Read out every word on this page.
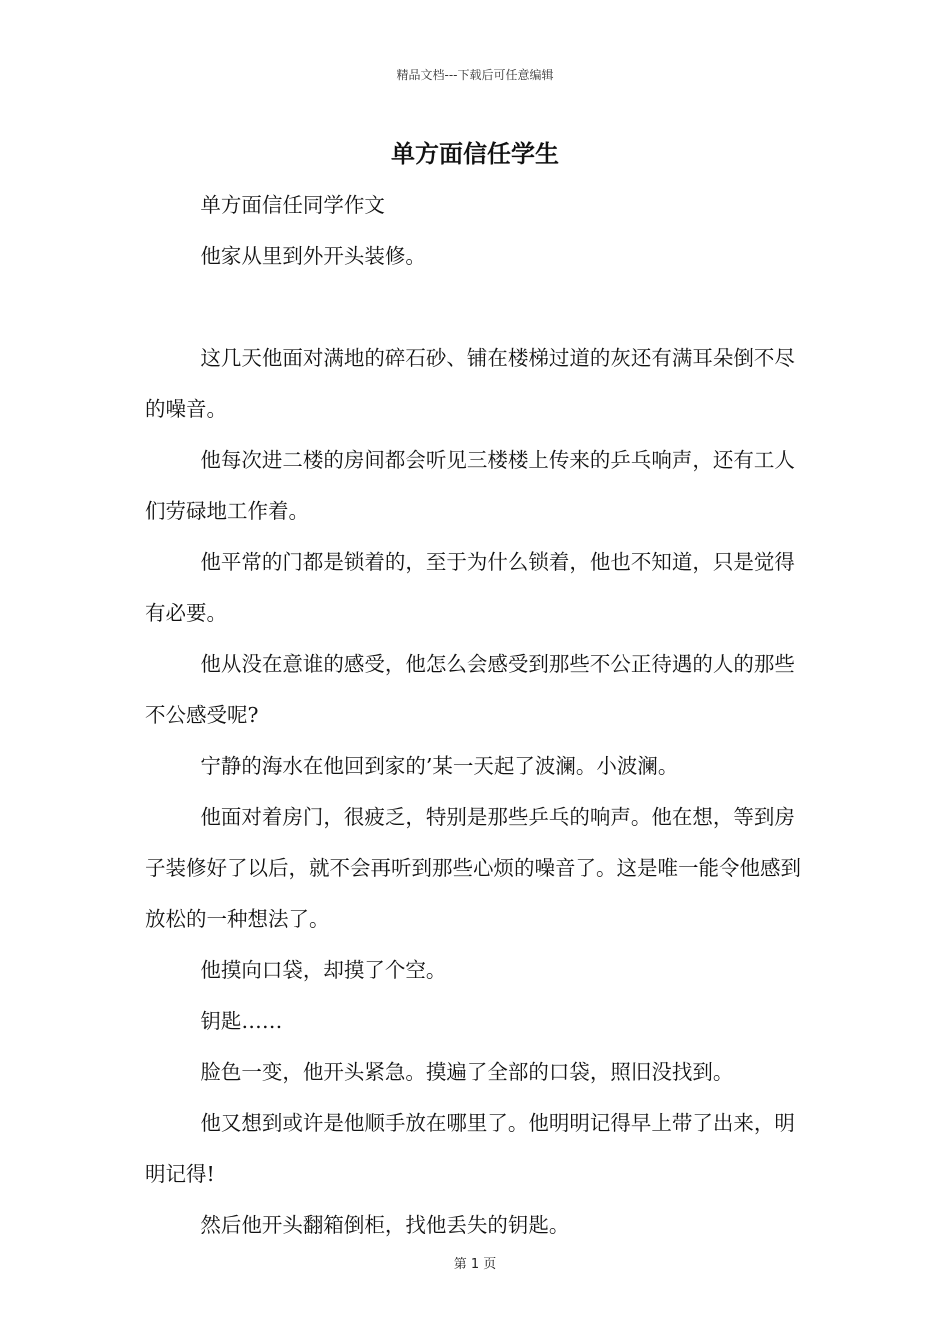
精品文档---下载后可任意编辑
单方面信任学生

单方面信任同学作文

他家从里到外开头装修。

这几天他面对满地的碎石砂、铺在楼梯过道的灰还有满耳朵倒不尽的噪音。

他每次进二楼的房间都会听见三楼楼上传来的乒乓响声，还有工人们劳碌地工作着。

他平常的门都是锁着的，至于为什么锁着，他也不知道，只是觉得有必要。

他从没在意谁的感受，他怎么会感受到那些不公正待遇的人的那些不公感受呢?

宁静的海水在他回到家的’某一天起了波澜。小波澜。

他面对着房门，很疲乏，特别是那些乒乓的响声。他在想，等到房子装修好了以后，就不会再听到那些心烦的噪音了。这是唯一能令他感到放松的一种想法了。

他摸向口袋，却摸了个空。

钥匙……

脸色一变，他开头紧急。摸遍了全部的口袋，照旧没找到。

他又想到或许是他顺手放在哪里了。他明明记得早上带了出来，明明记得!

然后他开头翻箱倒柜，找他丢失的钥匙。

第 1 页
